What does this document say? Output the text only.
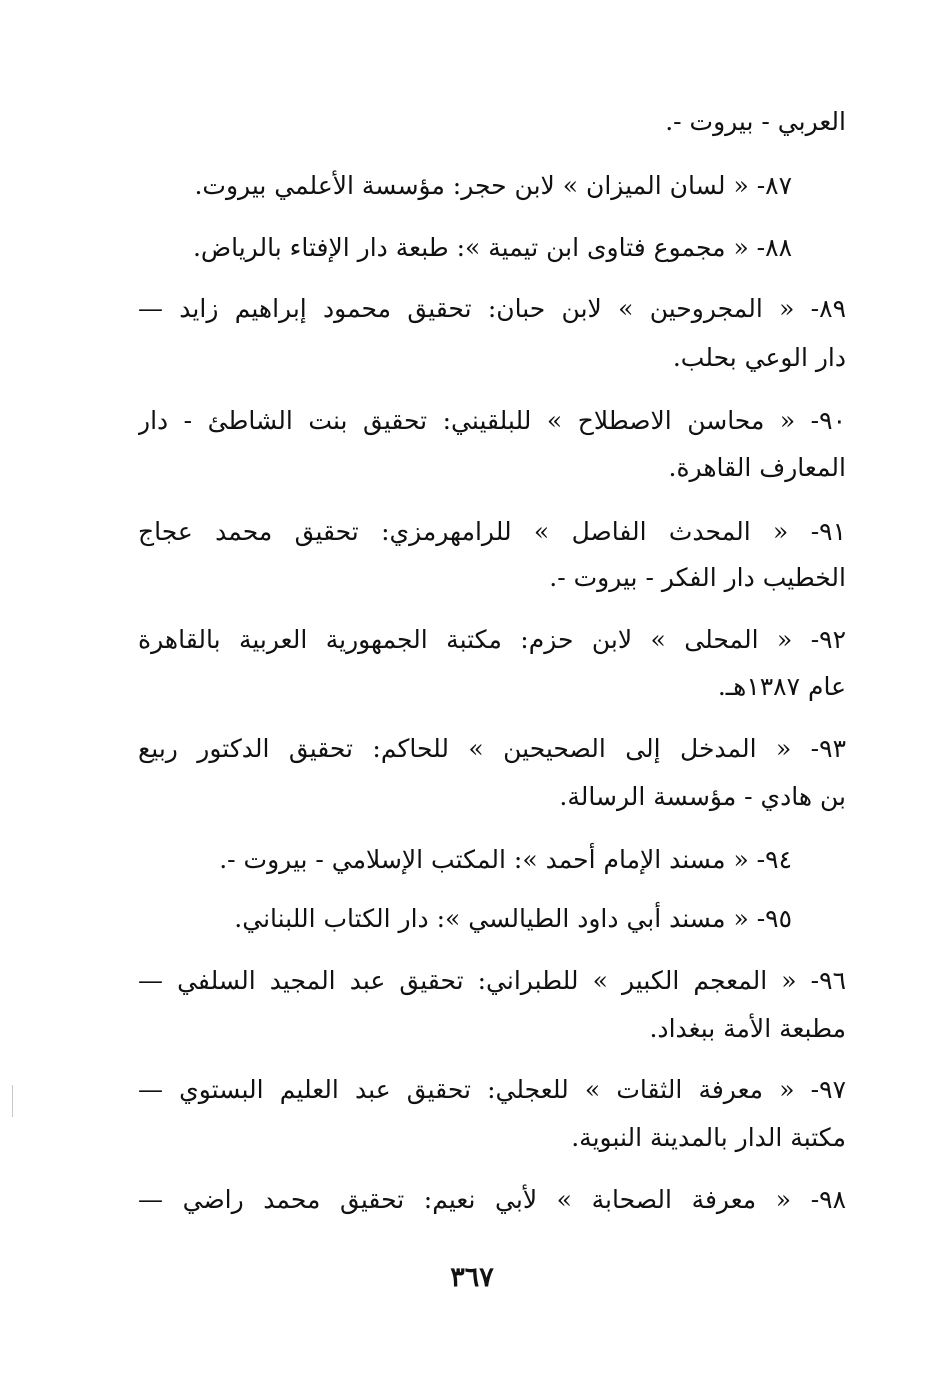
العربي - بيروت -.
٨٧- « لسان الميزان » لابن حجر: مؤسسة الأعلمي بيروت.
٨٨- « مجموع فتاوى ابن تيمية »: طبعة دار الإفتاء بالرياض.
٨٩- « المجروحين » لابن حبان: تحقيق محمود إبراهيم زايد —
دار الوعي بحلب.
٩٠- « محاسن الاصطلاح » للبلقيني: تحقيق بنت الشاطئ - دار
المعارف القاهرة.
٩١- « المحدث الفاصل » للرامهرمزي: تحقيق محمد عجاج
الخطيب دار الفكر - بيروت -.
٩٢- « المحلى » لابن حزم: مكتبة الجمهورية العربية بالقاهرة
عام ١٣٨٧هـ.
٩٣- « المدخل إلى الصحيحين » للحاكم: تحقيق الدكتور ربيع
بن هادي - مؤسسة الرسالة.
٩٤- « مسند الإمام أحمد »: المكتب الإسلامي - بيروت -.
٩٥- « مسند أبي داود الطيالسي »: دار الكتاب اللبناني.
٩٦- « المعجم الكبير » للطبراني: تحقيق عبد المجيد السلفي —
مطبعة الأمة ببغداد.
٩٧- « معرفة الثقات » للعجلي: تحقيق عبد العليم البستوي —
مكتبة الدار بالمدينة النبوية.
٩٨- « معرفة الصحابة » لأبي نعيم: تحقيق محمد راضي —
٣٦٧
